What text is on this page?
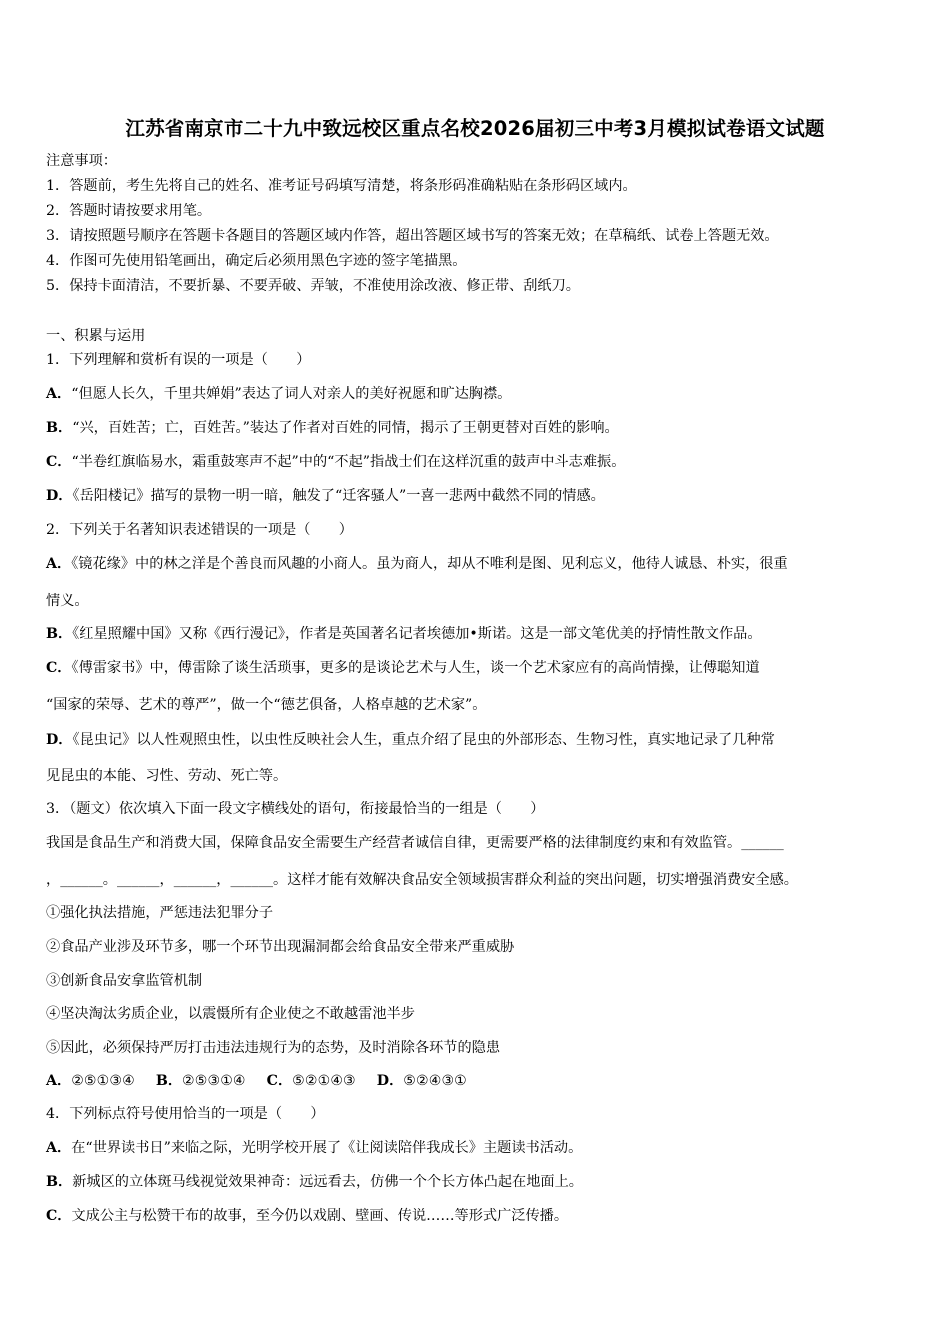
江苏省南京市二十九中致远校区重点名校2026届初三中考3月模拟试卷语文试题
注意事项：
1．答题前，考生先将自己的姓名、准考证号码填写清楚，将条形码准确粘贴在条形码区域内。
2．答题时请按要求用笔。
3．请按照题号顺序在答题卡各题目的答题区域内作答，超出答题区域书写的答案无效；在草稿纸、试卷上答题无效。
4．作图可先使用铅笔画出，确定后必须用黑色字迹的签字笔描黑。
5．保持卡面清洁，不要折暴、不要弄破、弄皱，不准使用涂改液、修正带、刮纸刀。
一、积累与运用
1．下列理解和赏析有误的一项是（　　）
A．“但愿人长久，千里共婵娟”表达了词人对亲人的美好祝愿和旷达胸襟。
B．“兴，百姓苦；亡，百姓苦。”装达了作者对百姓的同情，揭示了王朝更替对百姓的影响。
C．“半卷红旗临易水，霜重鼓寒声不起”中的“不起”指战士们在这样沉重的鼓声中斗志难振。
D．《岳阳楼记》描写的景物一明一暗，触发了“迁客骚人”一喜一悲两中截然不同的情感。
2．下列关于名著知识表述错误的一项是（　　）
A．《镜花缘》中的林之洋是个善良而风趣的小商人。虽为商人，却从不唯利是图、见利忘义，他待人诚恳、朴实，很重
情义。
B．《红星照耀中国》又称《西行漫记》，作者是英国著名记者埃德加•斯诺。这是一部文笔优美的抒情性散文作品。
C．《傅雷家书》中，傅雷除了谈生活琐事，更多的是谈论艺术与人生，谈一个艺术家应有的高尚情操，让傅聪知道
“国家的荣辱、艺术的尊严”，做一个“德艺俱备，人格卓越的艺术家”。
D．《昆虫记》以人性观照虫性，以虫性反映社会人生，重点介绍了昆虫的外部形态、生物习性，真实地记录了几种常
见昆虫的本能、习性、劳动、死亡等。
3．（题文）依次填入下面一段文字横线处的语句，衔接最恰当的一组是（　　）
我国是食品生产和消费大国，保障食品安全需要生产经营者诚信自律，更需要严格的法律制度约束和有效监管。______
，______。______，______，______。这样才能有效解决食品安全领域损害群众利益的突出问题，切实增强消费安全感。
①强化执法措施，严惩违法犯罪分子
②食品产业涉及环节多，哪一个环节出现漏洞都会给食品安全带来严重威胁
③创新食品安拿监管机制
④坚决淘汰劣质企业，以震慑所有企业使之不敢越雷池半步
⑤因此，必须保持严厉打击违法违规行为的态势，及时消除各环节的隐患
A．②⑤①③④ B．②⑤③①④ C．⑤②①④③ D．⑤②④③①
4．下列标点符号使用恰当的一项是（　　）
A．在“世界读书日”来临之际，光明学校开展了《让阅读陪伴我成长》主题读书活动。
B．新城区的立体斑马线视觉效果神奇：远远看去，仿佛一个个长方体凸起在地面上。
C．文成公主与松赞干布的故事，至今仍以戏剧、壁画、传说……等形式广泛传播。
